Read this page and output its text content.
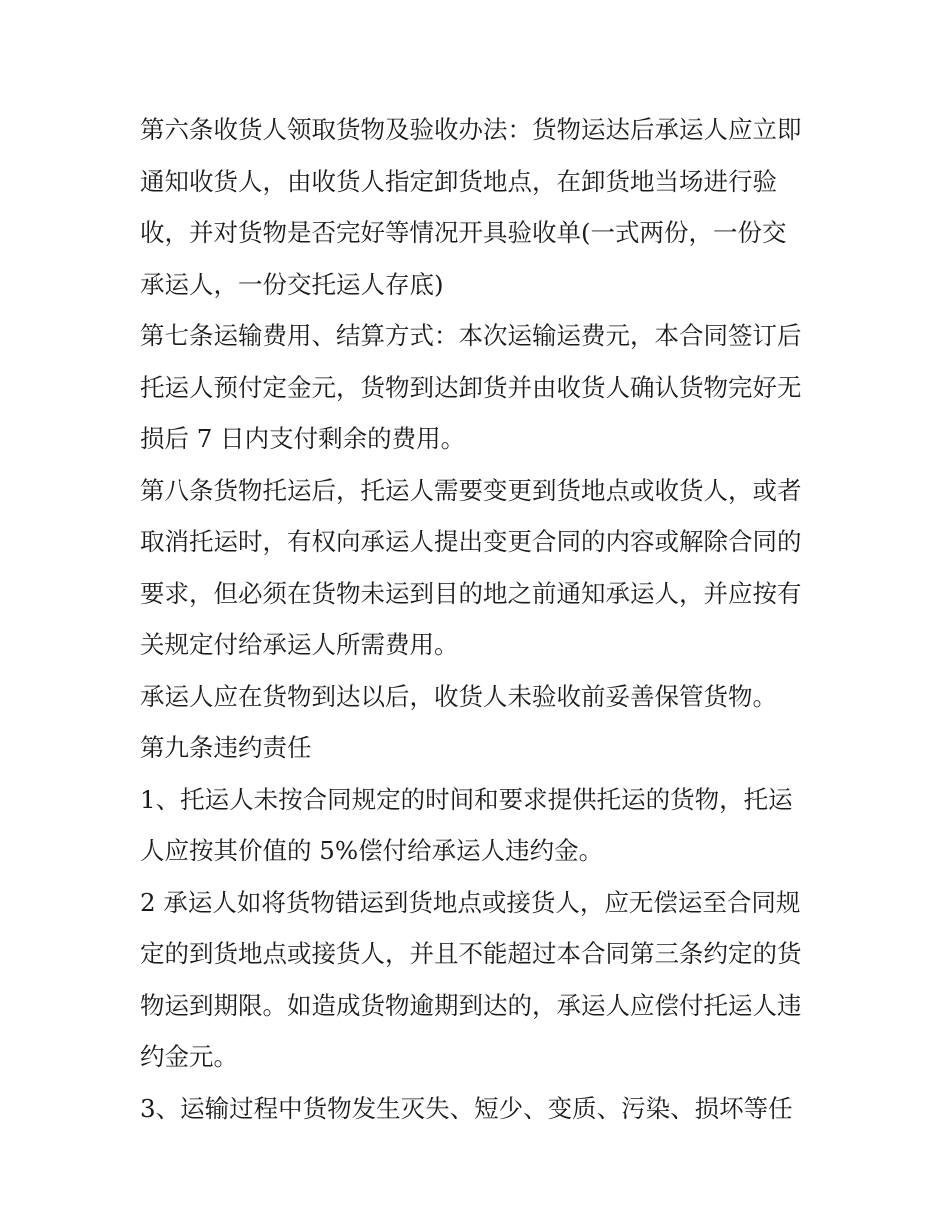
第六条收货人领取货物及验收办法：货物运达后承运人应立即
通知收货人，由收货人指定卸货地点，在卸货地当场进行验
收，并对货物是否完好等情况开具验收单(一式两份，一份交
承运人，一份交托运人存底)
第七条运输费用、结算方式：本次运输运费元，本合同签订后
托运人预付定金元，货物到达卸货并由收货人确认货物完好无
损后 7 日内支付剩余的费用。
第八条货物托运后，托运人需要变更到货地点或收货人，或者
取消托运时，有权向承运人提出变更合同的内容或解除合同的
要求，但必须在货物未运到目的地之前通知承运人，并应按有
关规定付给承运人所需费用。
承运人应在货物到达以后，收货人未验收前妥善保管货物。
第九条违约责任
1、托运人未按合同规定的时间和要求提供托运的货物，托运
人应按其价值的 5%偿付给承运人违约金。
2 承运人如将货物错运到货地点或接货人，应无偿运至合同规
定的到货地点或接货人，并且不能超过本合同第三条约定的货
物运到期限。如造成货物逾期到达的，承运人应偿付托运人违
约金元。
3、运输过程中货物发生灭失、短少、变质、污染、损坏等任
